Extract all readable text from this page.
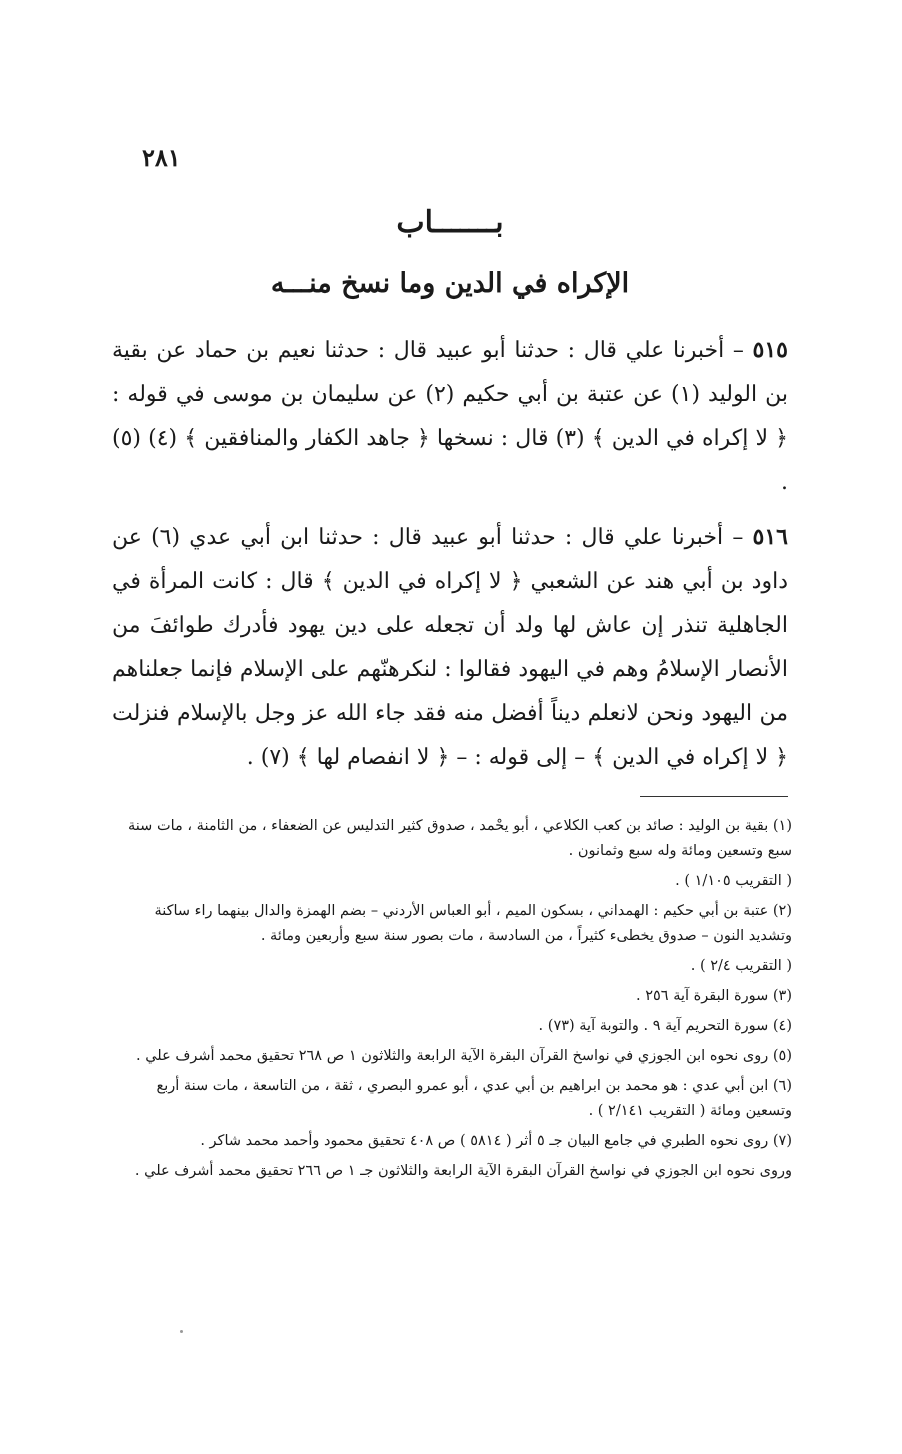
٢٨١
بـــــــاب
الإكراه في الدين وما نسخ منـــه

٥١٥ – أخبرنا علي قال : حدثنا أبو عبيد قال : حدثنا نعيم بن حماد عن بقية بن الوليد (١) عن عتبة بن أبي حكيم (٢) عن سليمان بن موسى في قوله : ﴿ لا إكراه في الدين ﴾ (٣) قال : نسخها ﴿ جاهد الكفار والمنافقين ﴾ (٤) (٥) .

٥١٦ – أخبرنا علي قال : حدثنا أبو عبيد قال : حدثنا ابن أبي عدي (٦) عن داود بن أبي هند عن الشعبي ﴿ لا إكراه في الدين ﴾ قال : كانت المرأة في الجاهلية تنذر إن عاش لها ولد أن تجعله على دين يهود فأدرك طوائفَ من الأنصار الإسلامُ وهم في اليهود فقالوا : لنكرهنّهم على الإسلام فإنما جعلناهم من اليهود ونحن لانعلم ديناً أفضل منه فقد جاء الله عز وجل بالإسلام فنزلت ﴿ لا إكراه في الدين ﴾ – إلى قوله : – ﴿ لا انفصام لها ﴾ (٧) .

(١) بقية بن الوليد : صائد بن كعب الكلاعي ، أبو يحْمد ، صدوق كثير التدليس عن الضعفاء ، من الثامنة ، مات سنة سبع وتسعين ومائة وله سبع وثمانون .

( التقريب ١/١٠٥ ) .

(٢) عتبة بن أبي حكيم : الهمداني ، بسكون الميم ، أبو العباس الأردني – بضم الهمزة والدال بينهما راء ساكنة وتشديد النون – صدوق يخطىء كثيراً ، من السادسة ، مات بصور سنة سبع وأربعين ومائة .

( التقريب ٢/٤ ) .

(٣) سورة البقرة آية ٢٥٦ .

(٤) سورة التحريم آية ٩ . والتوبة آية (٧٣) .

(٥) روى نحوه ابن الجوزي في نواسخ القرآن البقرة الآية الرابعة والثلاثون ١ ص ٢٦٨ تحقيق محمد أشرف علي .

(٦) ابن أبي عدي : هو محمد بن ابراهيم بن أبي عدي ، أبو عمرو البصري ، ثقة ، من التاسعة ، مات سنة أربع وتسعين ومائة ( التقريب ٢/١٤١ ) .

(٧) روى نحوه الطبري في جامع البيان جـ ٥ أثر ( ٥٨١٤ ) ص ٤٠٨ تحقيق محمود وأحمد محمد شاكر .

وروى نحوه ابن الجوزي في نواسخ القرآن البقرة الآية الرابعة والثلاثون جـ ١ ص ٢٦٦ تحقيق محمد أشرف علي .
